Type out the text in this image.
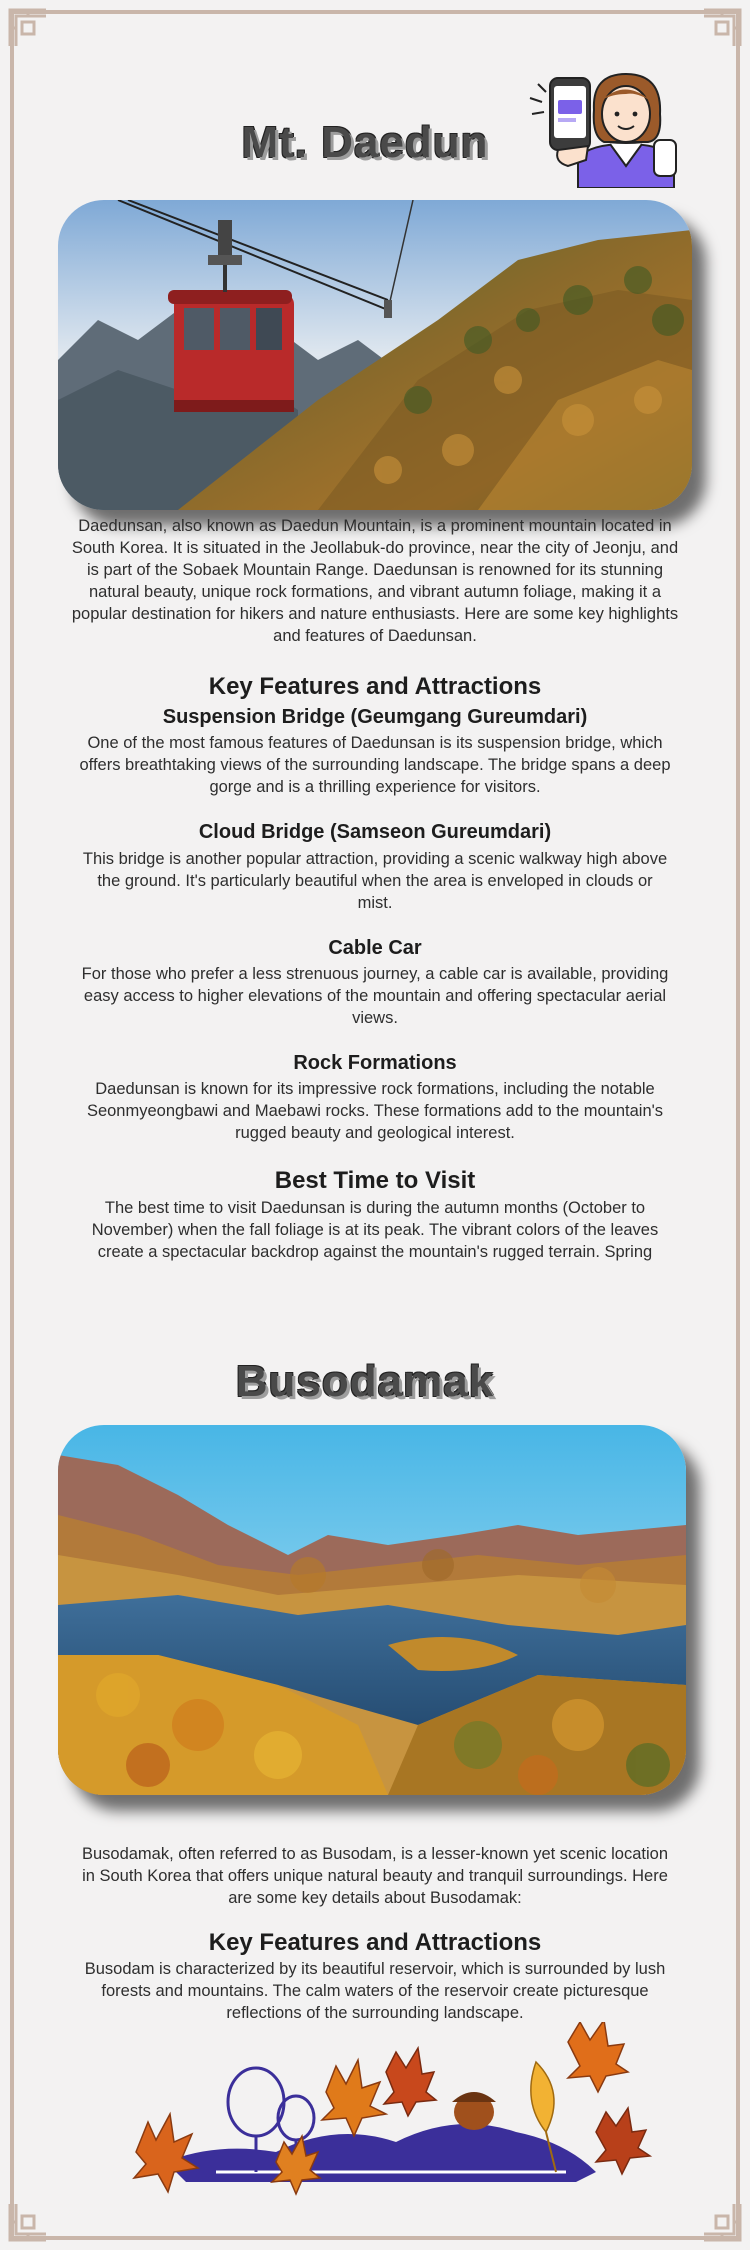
Mt. Daedun

Daedunsan, also known as Daedun Mountain, is a prominent mountain located in South Korea. It is situated in the Jeollabuk-do province, near the city of Jeonju, and is part of the Sobaek Mountain Range. Daedunsan is renowned for its stunning natural beauty, unique rock formations, and vibrant autumn foliage, making it a popular destination for hikers and nature enthusiasts. Here are some key highlights and features of Daedunsan.

Key Features and Attractions
Suspension Bridge (Geumgang Gureumdari)

One of the most famous features of Daedunsan is its suspension bridge, which offers breathtaking views of the surrounding landscape. The bridge spans a deep gorge and is a thrilling experience for visitors.

Cloud Bridge (Samseon Gureumdari)

This bridge is another popular attraction, providing a scenic walkway high above the ground. It's particularly beautiful when the area is enveloped in clouds or mist.

Cable Car

For those who prefer a less strenuous journey, a cable car is available, providing easy access to higher elevations of the mountain and offering spectacular aerial views.

Rock Formations

Daedunsan is known for its impressive rock formations, including the notable Seonmyeongbawi and Maebawi rocks. These formations add to the mountain's rugged beauty and geological interest.

Best Time to Visit

The best time to visit Daedunsan is during the autumn months (October to November) when the fall foliage is at its peak. The vibrant colors of the leaves create a spectacular backdrop against the mountain's rugged terrain. Spring

Busodamak

Busodamak, often referred to as Busodam, is a lesser-known yet scenic location in South Korea that offers unique natural beauty and tranquil surroundings. Here are some key details about Busodamak:

Key Features and Attractions

Busodam is characterized by its beautiful reservoir, which is surrounded by lush forests and mountains. The calm waters of the reservoir create picturesque reflections of the surrounding landscape.
